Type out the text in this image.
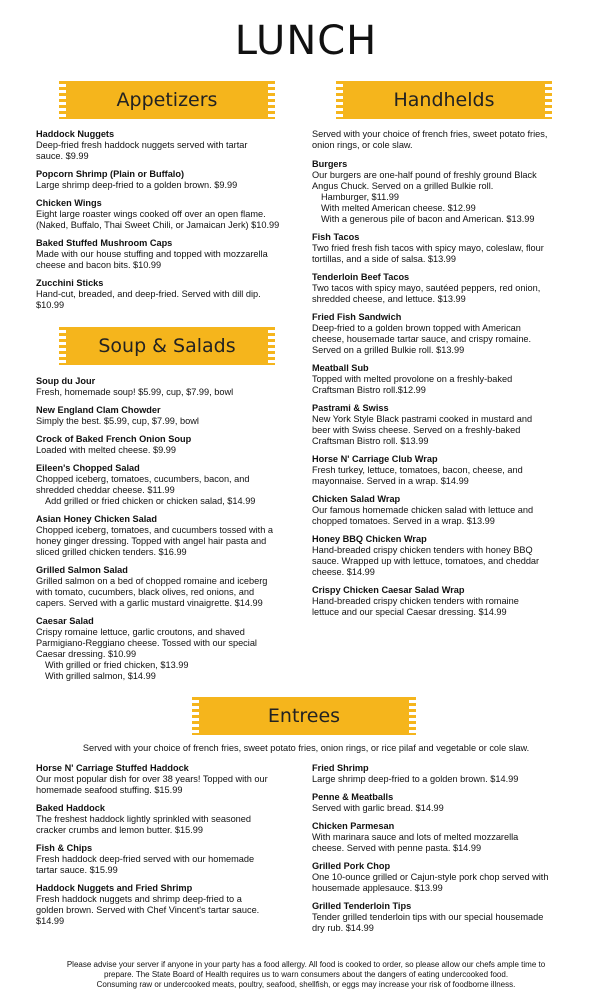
LUNCH
Appetizers	Handhelds
Haddock Nuggets
Deep-fried fresh haddock nuggets served with tartar
sauce. $9.99
Popcorn Shrimp (Plain or Buffalo)
Large shrimp deep-fried to a golden brown. $9.99
Chicken Wings
Eight large roaster wings cooked off over an open flame.
(Naked, Buffalo, Thai Sweet Chili, or Jamaican Jerk) $10.99
Baked Stuffed Mushroom Caps
Made with our house stuffing and topped with mozzarella
cheese and bacon bits. $10.99
Zucchini Sticks
Hand-cut, breaded, and deep-fried. Served with dill dip.
$10.99
Soup & Salads
Soup du Jour
Fresh, homemade soup! $5.99, cup, $7.99, bowl
New England Clam Chowder
Simply the best. $5.99, cup, $7.99, bowl
Crock of Baked French Onion Soup
Loaded with melted cheese. $9.99
Eileen's Chopped Salad
Chopped iceberg, tomatoes, cucumbers, bacon, and
shredded cheddar cheese. $11.99
Add grilled or fried chicken or chicken salad, $14.99
Asian Honey Chicken Salad
Chopped iceberg, tomatoes, and cucumbers tossed with a
honey ginger dressing. Topped with angel hair pasta and
sliced grilled chicken tenders. $16.99
Grilled Salmon Salad
Grilled salmon on a bed of chopped romaine and iceberg
with tomato, cucumbers, black olives, red onions, and
capers. Served with a garlic mustard vinaigrette. $14.99
Caesar Salad
Crispy romaine lettuce, garlic croutons, and shaved
Parmigiano-Reggiano cheese. Tossed with our special
Caesar dressing. $10.99
With grilled or fried chicken, $13.99
With grilled salmon, $14.99
Served with your choice of french fries, sweet potato fries,
onion rings, or cole slaw.
Burgers
Our burgers are one-half pound of freshly ground Black
Angus Chuck. Served on a grilled Bulkie roll.
Hamburger, $11.99
With melted American cheese. $12.99
With a generous pile of bacon and American. $13.99
Fish Tacos
Two fried fresh fish tacos with spicy mayo, coleslaw, flour
tortillas, and a side of salsa. $13.99
Tenderloin Beef Tacos
Two tacos with spicy mayo, sautéed peppers, red onion,
shredded cheese, and lettuce. $13.99
Fried Fish Sandwich
Deep-fried to a golden brown topped with American
cheese, housemade tartar sauce, and crispy romaine.
Served on a grilled Bulkie roll. $13.99
Meatball Sub
Topped with melted provolone on a freshly-baked
Craftsman Bistro roll.$12.99
Pastrami & Swiss
New York Style Black pastrami cooked in mustard and
beer with Swiss cheese. Served on a freshly-baked
Craftsman Bistro roll. $13.99
Horse N' Carriage Club Wrap
Fresh turkey, lettuce, tomatoes, bacon, cheese, and
mayonnaise. Served in a wrap. $14.99
Chicken Salad Wrap
Our famous homemade chicken salad with lettuce and
chopped tomatoes. Served in a wrap. $13.99
Honey BBQ Chicken Wrap
Hand-breaded crispy chicken tenders with honey BBQ
sauce. Wrapped up with lettuce, tomatoes, and cheddar
cheese. $14.99
Crispy Chicken Caesar Salad Wrap
Hand-breaded crispy chicken tenders with romaine
lettuce and our special Caesar dressing. $14.99
Entrees
Served with your choice of french fries, sweet potato fries, onion rings, or rice pilaf and vegetable or cole slaw.
Horse N' Carriage Stuffed Haddock
Our most popular dish for over 38 years! Topped with our
homemade seafood stuffing. $15.99
Baked Haddock
The freshest haddock lightly sprinkled with seasoned
cracker crumbs and lemon butter. $15.99
Fish & Chips
Fresh haddock deep-fried served with our homemade
tartar sauce. $15.99
Haddock Nuggets and Fried Shrimp
Fresh haddock nuggets and shrimp deep-fried to a
golden brown. Served with Chef Vincent's tartar sauce.
$14.99
Fried Shrimp
Large shrimp deep-fried to a golden brown. $14.99
Penne & Meatballs
Served with garlic bread. $14.99
Chicken Parmesan
With marinara sauce and lots of melted mozzarella
cheese. Served with penne pasta. $14.99
Grilled Pork Chop
One 10-ounce grilled or Cajun-style pork chop served with
housemade applesauce. $13.99
Grilled Tenderloin Tips
Tender grilled tenderloin tips with our special housemade
dry rub. $14.99
Please advise your server if anyone in your party has a food allergy. All food is cooked to order, so please allow our chefs ample time to
prepare. The State Board of Health requires us to warn consumers about the dangers of eating undercooked food.
Consuming raw or undercooked meats, poultry, seafood, shellfish, or eggs may increase your risk of foodborne illness.
